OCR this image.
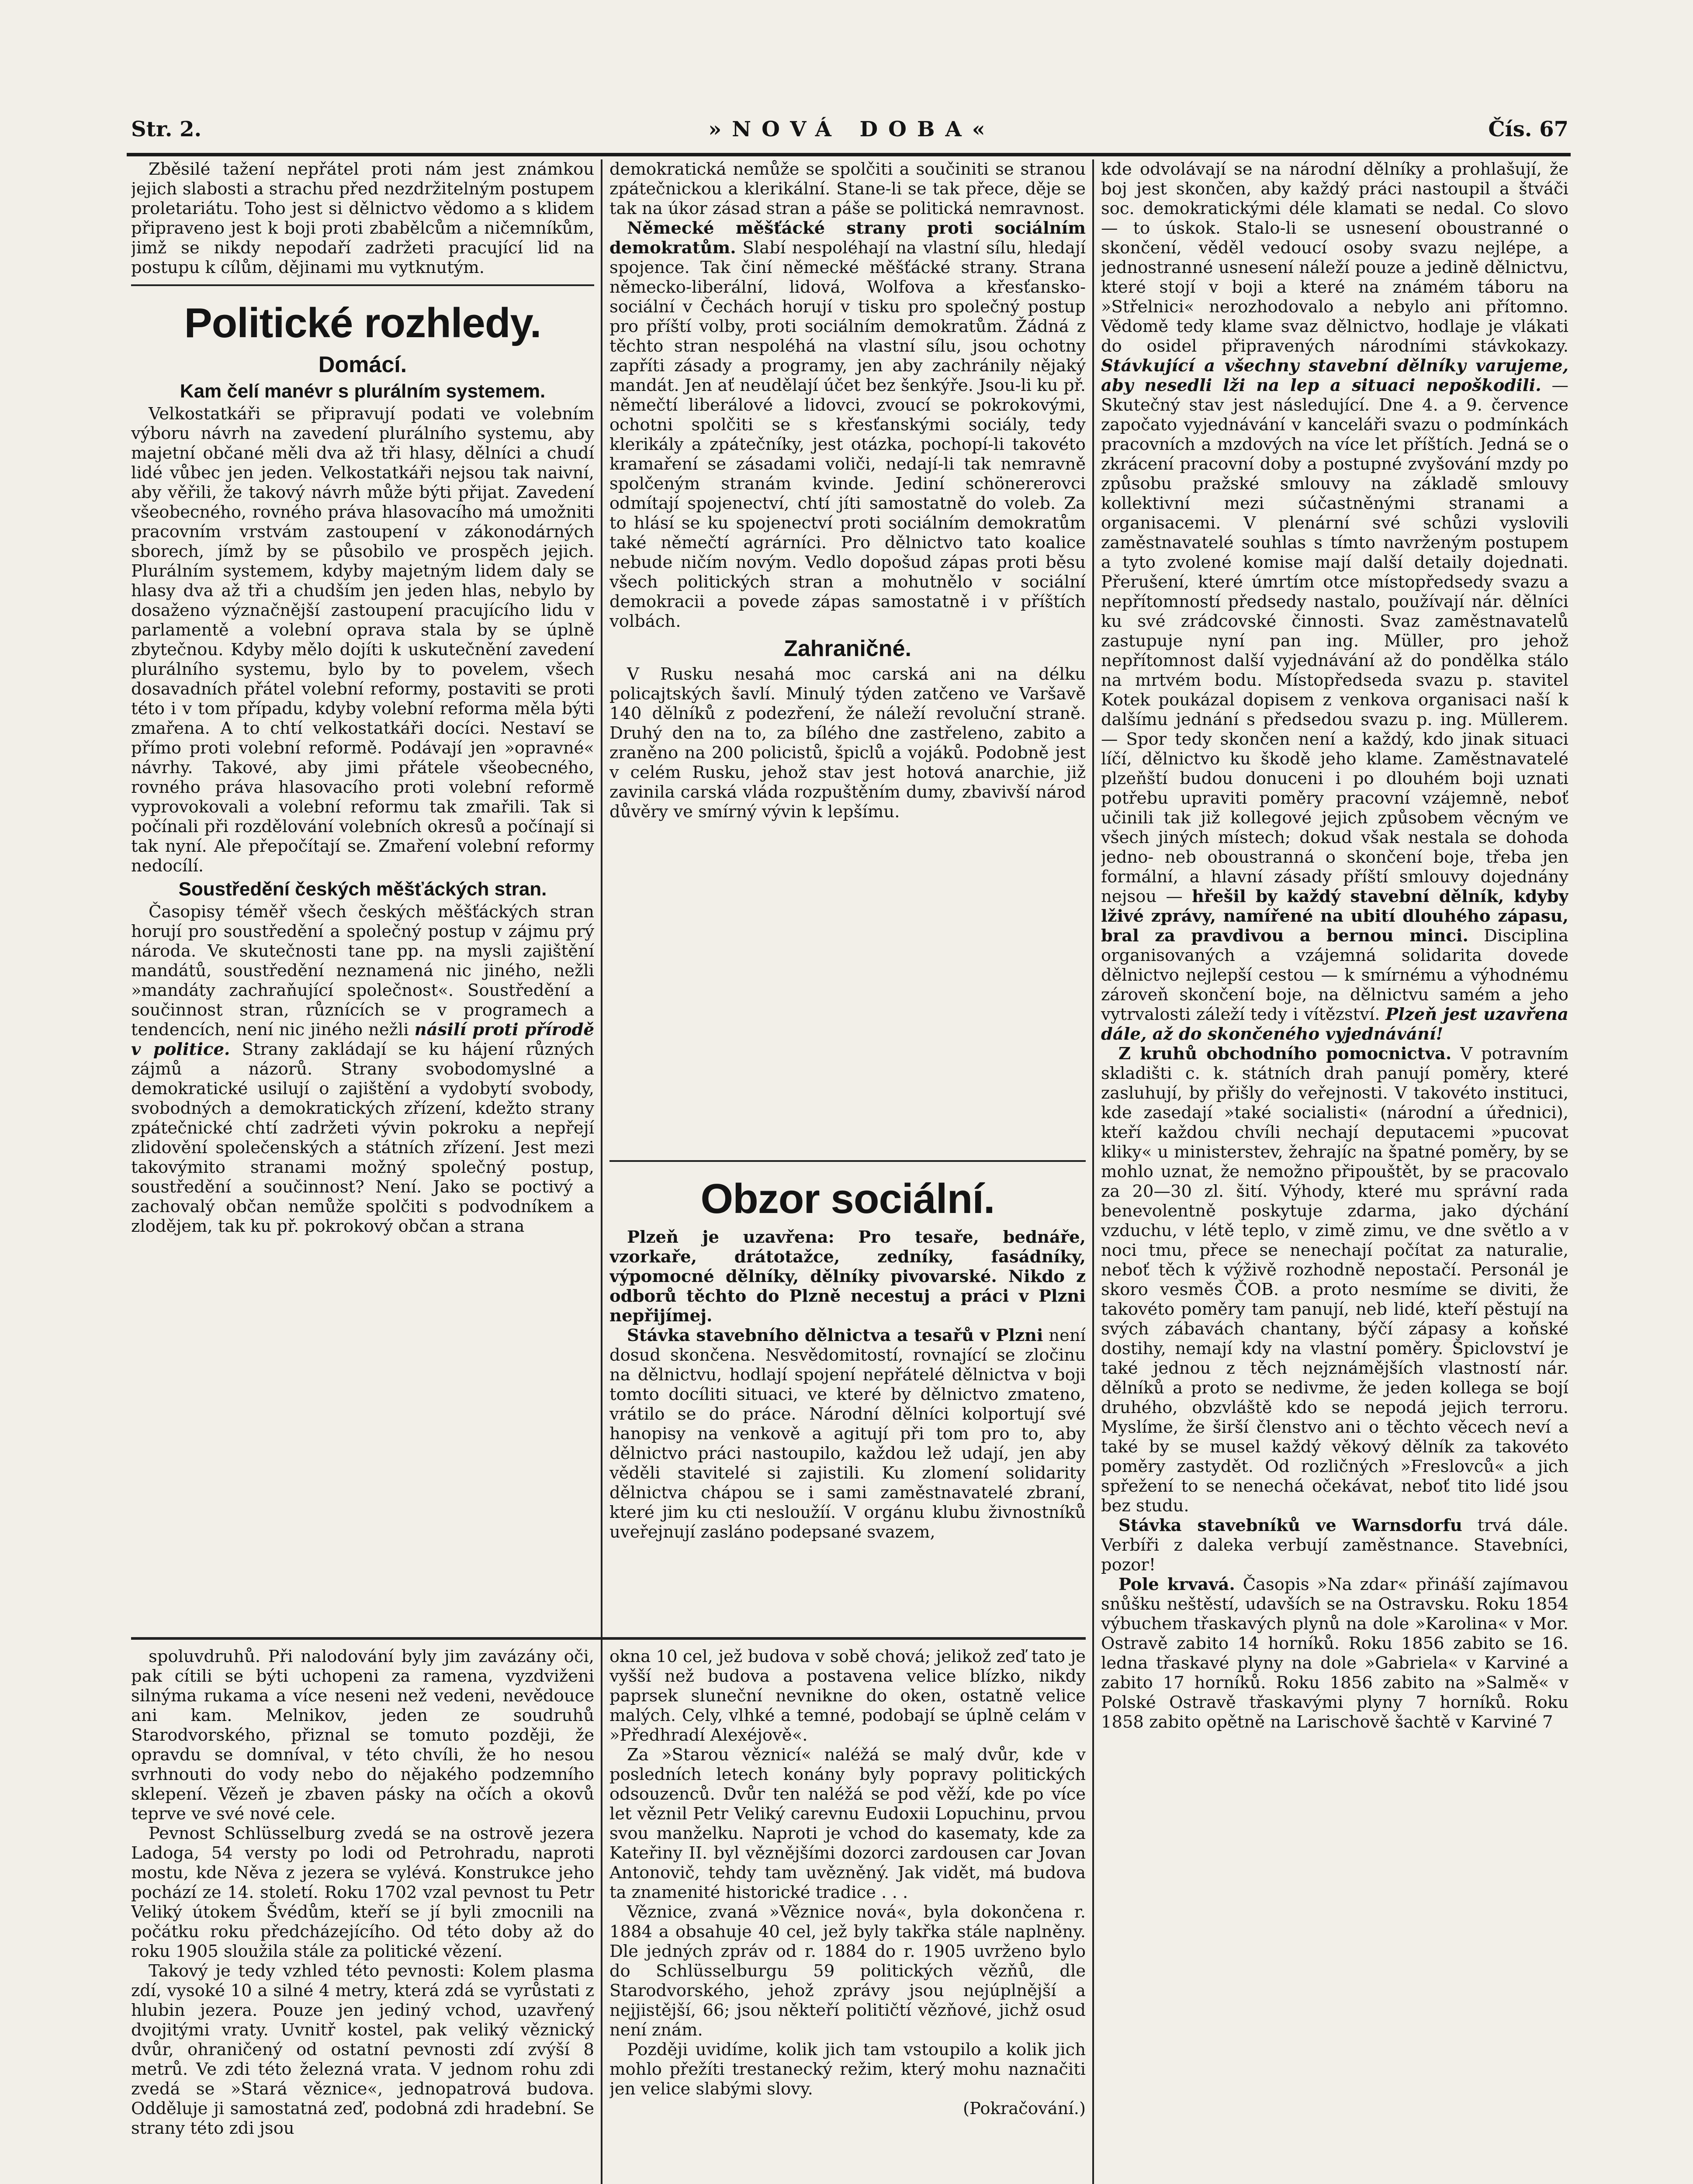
Str. 2.	»NOVÁ DOBA«	Čís. 67

Zběsilé tažení nepřátel proti nám jest známkou jejich slabosti a strachu před nezdržitelným postupem proletariátu. Toho jest si dělnictvo vědomo a s klidem připraveno jest k boji proti zbabělcům a ničemníkům, jimž se nikdy nepodaří zadržeti pracující lid na postupu k cílům, dějinami mu vytknutým.

Politické rozhledy.
Domácí.
Kam čelí manévr s plurálním systemem.

Velkostatkáři se připravují podati ve volebním výboru návrh na zavedení plurálního systemu, aby majetní občané měli dva až tři hlasy, dělníci a chudí lidé vůbec jen jeden. Velkostatkáři nejsou tak naivní, aby věřili, že takový návrh může býti přijat. Zavedení všeobecného, rovného práva hlasovacího má umožniti pracovním vrstvám zastoupení v zákonodárných sborech, jímž by se působilo ve prospěch jejich. Plurálním systemem, kdyby majetným lidem daly se hlasy dva až tři a chudším jen jeden hlas, nebylo by dosaženo význačnější zastoupení pracujícího lidu v parlamentě a volební oprava stala by se úplně zbytečnou. Kdyby mělo dojíti k uskutečnění zavedení plurálního systemu, bylo by to povelem, všech dosavadních přátel volební reformy, postaviti se proti této i v tom případu, kdyby volební reforma měla býti zmařena. A to chtí velkostatkáři docíci. Nestaví se přímo proti volební reformě. Podávají jen »opravné« návrhy. Takové, aby jimi přátele všeobecného, rovného práva hlasovacího proti volební reformě vyprovokovali a volební reformu tak zmařili. Tak si počínali při rozdělování volebních okresů a počínají si tak nyní. Ale přepočítají se. Zmaření volební reformy nedocílí.

Soustředění českých měšťáckých stran.

Časopisy téměř všech českých měšťáckých stran horují pro soustředění a společný postup v zájmu prý národa. Ve skutečnosti tane pp. na mysli zajištění mandátů, soustředění neznamená nic jiného, nežli »mandáty zachraňující společnost«. Soustředění a součinnost stran, různících se v programech a tendencích, není nic jiného nežli násilí proti přírodě v politice. Strany zakládají se ku hájení různých zájmů a názorů. Strany svobodomyslné a demokratické usilují o zajištění a vydobytí svobody, svobodných a demokratických zřízení, kdežto strany zpátečnické chtí zadržeti vývin pokroku a nepřejí zlidovění společenských a státních zřízení. Jest mezi takovýmito stranami možný společný postup, soustředění a součinnost? Není. Jako se poctivý a zachovalý občan nemůže spolčiti s podvodníkem a zlodějem, tak ku př. pokrokový občan a strana

demokratická nemůže se spolčiti a součiniti se stranou zpátečnickou a klerikální. Stane-li se tak přece, děje se tak na úkor zásad stran a páše se politická nemravnost.

Německé měšťácké strany proti sociálním demokratům. Slabí nespoléhají na vlastní sílu, hledají spojence. Tak činí německé měšťácké strany. Strana německo-liberální, lidová, Wolfova a křesťansko-sociální v Čechách horují v tisku pro společný postup pro příští volby, proti sociálním demokratům. Žádná z těchto stran nespoléhá na vlastní sílu, jsou ochotny zapříti zásady a programy, jen aby zachránily nějaký mandát. Jen ať neudělají účet bez šenkýře. Jsou-li ku př. němečtí liberálové a lidovci, zvoucí se pokrokovými, ochotni spolčiti se s křesťanskými sociály, tedy klerikály a zpátečníky, jest otázka, pochopí-li takovéto kramaření se zásadami voliči, nedají-li tak nemravně spolčeným stranám kvinde. Jediní schönererovci odmítají spojenectví, chtí jíti samostatně do voleb. Za to hlásí se ku spojenectví proti sociálním demokratům také němečtí agrárníci. Pro dělnictvo tato koalice nebude ničím novým. Vedlo dopošud zápas proti běsu všech politických stran a mohutnělo v sociální demokracii a povede zápas samostatně i v příštích volbách.

Zahraničné.

V Rusku nesahá moc carská ani na délku policajtských šavlí. Minulý týden zatčeno ve Varšavě 140 dělníků z podezření, že náleží revoluční straně. Druhý den na to, za bílého dne zastřeleno, zabito a zraněno na 200 policistů, špiclů a vojáků. Podobně jest v celém Rusku, jehož stav jest hotová anarchie, již zavinila carská vláda rozpuštěním dumy, zbavivší národ důvěry ve smírný vývin k lepšímu.

Obzor sociální.

Plzeň je uzavřena: Pro tesaře, bednáře, vzorkaře, drátotažce, zedníky, fasádníky, výpomocné dělníky, dělníky pivovarské. Nikdo z odborů těchto do Plzně necestuj a práci v Plzni nepřijímej.

Stávka stavebního dělnictva a tesařů v Plzni není dosud skončena. Nesvědomitostí, rovnající se zločinu na dělnictvu, hodlají spojení nepřátelé dělnictva v boji tomto docíliti situaci, ve které by dělnictvo zmateno, vrátilo se do práce. Národní dělníci kolportují své hanopisy na venkově a agitují při tom pro to, aby dělnictvo práci nastoupilo, každou lež udají, jen aby věděli stavitelé si zajistili. Ku zlomení solidarity dělnictva chápou se i sami zaměstnavatelé zbraní, které jim ku cti nesloužíí. V orgánu klubu živnostníků uveřejnují zasláno podepsané svazem,

kde odvolávají se na národní dělníky a prohlašují, že boj jest skončen, aby každý práci nastoupil a štváči soc. demokratickými déle klamati se nedal. Co slovo — to úskok. Stalo-li se usnesení oboustranné o skončení, věděl vedoucí osoby svazu nejlépe, a jednostranné usnesení náleží pouze a jedině dělnictvu, které stojí v boji a které na známém táboru na »Střelnici« nerozhodovalo a nebylo ani přítomno. Vědomě tedy klame svaz dělnictvo, hodlaje je vlákati do osidel připravených národními stávkokazy. Stávkující a všechny stavební dělníky varujeme, aby nesedli lži na lep a situaci nepoškodili. — Skutečný stav jest následující. Dne 4. a 9. července započato vyjednávání v kanceláři svazu o podmínkách pracovních a mzdových na více let příštích. Jedná se o zkrácení pracovní doby a postupné zvyšování mzdy po způsobu pražské smlouvy na základě smlouvy kollektivní mezi súčastněnými stranami a organisacemi. V plenární své schůzi vyslovili zaměstnavatelé souhlas s tímto navrženým postupem a tyto zvolené komise mají další detaily dojednati. Přerušení, které úmrtím otce místopředsedy svazu a nepřítomností předsedy nastalo, používají nár. dělníci ku své zrádcovské činnosti. Svaz zaměstnavatelů zastupuje nyní pan ing. Müller, pro jehož nepřítomnost další vyjednávání až do pondělka stálo na mrtvém bodu. Místopředseda svazu p. stavitel Kotek poukázal dopisem z venkova organisaci naší k dalšímu jednání s předsedou svazu p. ing. Müllerem. — Spor tedy skončen není a každý, kdo jinak situaci líčí, dělnictvo ku škodě jeho klame. Zaměstnavatelé plzeňští budou donuceni i po dlouhém boji uznati potřebu upraviti poměry pracovní vzájemně, neboť učinili tak již kollegové jejich způsobem věcným ve všech jiných místech; dokud však nestala se dohoda jedno- neb oboustranná o skončení boje, třeba jen formální, a hlavní zásady příští smlouvy dojednány nejsou — hřešil by každý stavební dělník, kdyby lživé zprávy, namířené na ubití dlouhého zápasu, bral za pravdivou a bernou minci. Disciplina organisovaných a vzájemná solidarita dovede dělnictvo nejlepší cestou — k smírnému a výhodnému zároveň skončení boje, na dělnictvu samém a jeho vytrvalosti záleží tedy i vítězství. Plzeň jest uzavřena dále, až do skončeného vyjednávání!

Z kruhů obchodního pomocnictva. V potravním skladišti c. k. státních drah panují poměry, které zasluhují, by přišly do veřejnosti. V takovéto instituci, kde zasedají »také socialisti« (národní a úřednici), kteří každou chvíli nechají deputacemi »pucovat kliky« u ministerstev, žehrajíc na špatné poměry, by se mohlo uznat, že nemožno připouštět, by se pracovalo za 20—30 zl. šití. Výhody, které mu správní rada benevolentně poskytuje zdarma, jako dýchání vzduchu, v létě teplo, v zimě zimu, ve dne světlo a v noci tmu, přece se nenechají počítat za naturalie, neboť těch k výživě rozhodně nepostačí. Personál je skoro vesměs ČOB. a proto nesmíme se diviti, že takovéto poměry tam panují, neb lidé, kteří pěstují na svých zábavách chantany, býčí zápasy a koňské dostihy, nemají kdy na vlastní poměry. Špiclovství je také jednou z těch nejznámějších vlastností nár. dělníků a proto se nedivme, že jeden kollega se bojí druhého, obzvláště kdo se nepodá jejich terroru. Myslíme, že širší členstvo ani o těchto věcech neví a také by se musel každý věkový dělník za takovéto poměry zastydět. Od rozličných »Freslovců« a jich spřežení to se nenechá očekávat, neboť tito lidé jsou bez studu.

Stávka stavebníků ve Warnsdorfu trvá dále. Verbíři z daleka verbují zaměstnance. Stavebníci, pozor!

Pole krvavá. Časopis »Na zdar« přináší zajímavou snůšku neštěstí, udavších se na Ostravsku. Roku 1854 výbuchem třaskavých plynů na dole »Karolina« v Mor. Ostravě zabito 14 horníků. Roku 1856 zabito se 16. ledna třaskavé plyny na dole »Gabriela« v Karviné a zabito 17 horníků. Roku 1856 zabito na »Salmě« v Polské Ostravě třaskavými plyny 7 horníků. Roku 1858 zabito opětně na Larischově šachtě v Karviné 7

spoluvdruhů. Při nalodování byly jim zavázány oči, pak cítili se býti uchopeni za ramena, vyzdviženi silnýma rukama a více neseni než vedeni, nevědouce ani kam. Melnikov, jeden ze soudruhů Starodvorského, přiznal se tomuto později, že opravdu se domníval, v této chvíli, že ho nesou svrhnouti do vody nebo do nějakého podzemního sklepení. Vězeň je zbaven pásky na očích a okovů teprve ve své nové cele.

Pevnost Schlüsselburg zvedá se na ostrově jezera Ladoga, 54 versty po lodi od Petrohradu, naproti mostu, kde Něva z jezera se vylévá. Konstrukce jeho pochází ze 14. století. Roku 1702 vzal pevnost tu Petr Veliký útokem Švédům, kteří se jí byli zmocnili na počátku roku předcházejícího. Od této doby až do roku 1905 sloužila stále za politické vězení.

Takový je tedy vzhled této pevnosti: Kolem plasma zdí, vysoké 10 a silné 4 metry, která zdá se vyrůstati z hlubin jezera. Pouze jen jediný vchod, uzavřený dvojitými vraty. Uvnitř kostel, pak veliký věznický dvůr, ohraničený od ostatní pevnosti zdí zvýší 8 metrů. Ve zdi této železná vrata. V jednom rohu zdi zvedá se »Stará věznice«, jednopatrová budova. Odděluje ji samostatná zeď, podobná zdi hradební. Se strany této zdi jsou

okna 10 cel, jež budova v sobě chová; jelikož zeď tato je vyšší než budova a postavena velice blízko, nikdy paprsek sluneční nevnikne do oken, ostatně velice malých. Cely, vlhké a temné, podobají se úplně celám v »Předhradí Alexéjově«.

Za »Starou věznicí« naléžá se malý dvůr, kde v posledních letech konány byly popravy politických odsouzenců. Dvůr ten naléžá se pod věží, kde po více let věznil Petr Veliký carevnu Eudoxii Lopuchinu, prvou svou manželku. Naproti je vchod do kasematy, kde za Kateřiny II. byl věznějšími dozorci zardousen car Jovan Antonovič, tehdy tam uvězněný. Jak vidět, má budova ta znamenité historické tradice . . .

Věznice, zvaná »Věznice nová«, byla dokončena r. 1884 a obsahuje 40 cel, jež byly takřka stále naplněny. Dle jedných zpráv od r. 1884 do r. 1905 uvrženo bylo do Schlüsselburgu 59 politických vězňů, dle Starodvorského, jehož zprávy jsou nejúplnější a nejjistější, 66; jsou někteří političtí vězňové, jichž osud není znám.

Později uvidíme, kolik jich tam vstoupilo a kolik jich mohlo přežíti trestanecký režim, který mohu naznačiti jen velice slabými slovy.

(Pokračování.)
